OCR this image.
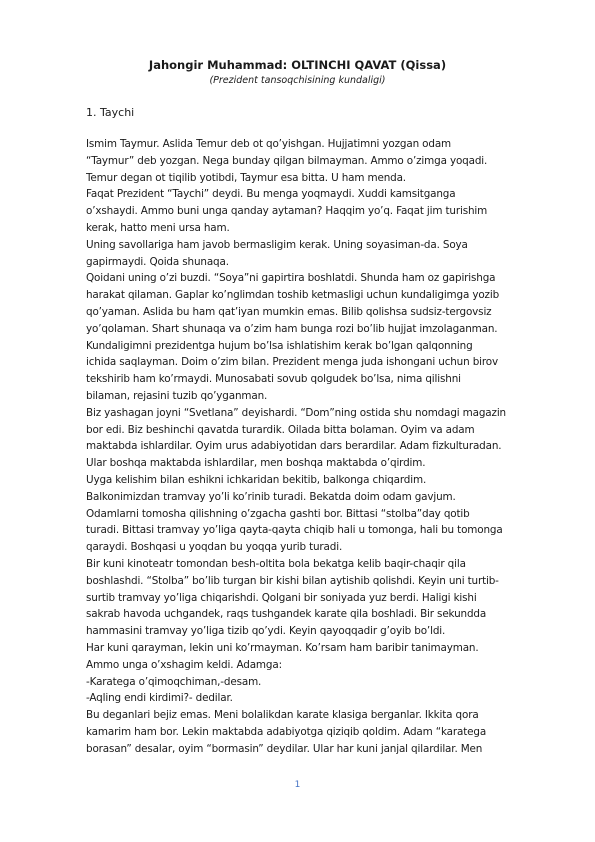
Jahongir Muhammad: OLTINCHI QAVAT (Qissa)
(Prezident tansoqchisining kundaligi)
1. Taychi
Ismim Taymur. Aslida Temur deb ot qo’yishgan. Hujjatimni yozgan odam
“Taymur” deb yozgan. Nega bunday qilgan bilmayman. Ammo o’zimga yoqadi.
Temur degan ot tiqilib yotibdi, Taymur esa bitta. U ham menda.
Faqat Prezident “Taychi” deydi. Bu menga yoqmaydi. Xuddi kamsitganga
o’xshaydi. Ammo buni unga qanday aytaman? Haqqim yo’q. Faqat jim turishim
kerak, hatto meni ursa ham.
Uning savollariga ham javob bermasligim kerak. Uning soyasiman-da. Soya
gapirmaydi. Qoida shunaqa.
Qoidani uning o’zi buzdi. “Soya”ni gapirtira boshlatdi. Shunda ham oz gapirishga
harakat qilaman. Gaplar ko’nglimdan toshib ketmasligi uchun kundaligimga yozib
qo’yaman. Aslida bu ham qat’iyan mumkin emas. Bilib qolishsa sudsiz-tergovsiz
yo’qolaman. Shart shunaqa va o’zim ham bunga rozi bo’lib hujjat imzolaganman.
Kundaligimni prezidentga hujum bo’lsa ishlatishim kerak bo’lgan qalqonning
ichida saqlayman. Doim o’zim bilan. Prezident menga juda ishongani uchun birov
tekshirib ham ko’rmaydi. Munosabati sovub qolgudek bo’lsa, nima qilishni
bilaman, rejasini tuzib qo’yganman.
Biz yashagan joyni “Svetlana” deyishardi. “Dom”ning ostida shu nomdagi magazin
bor edi. Biz beshinchi qavatda turardik. Oilada bitta bolaman. Oyim va adam
maktabda ishlardilar. Oyim urus adabiyotidan dars berardilar. Adam fizkulturadan.
Ular boshqa maktabda ishlardilar, men boshqa maktabda o’qirdim.
Uyga kelishim bilan eshikni ichkaridan bekitib, balkonga chiqardim.
Balkonimizdan tramvay yo’li ko’rinib turadi. Bekatda doim odam gavjum.
Odamlarni tomosha qilishning o’zgacha gashti bor. Bittasi “stolba”day qotib
turadi. Bittasi tramvay yo’liga qayta-qayta chiqib hali u tomonga, hali bu tomonga
qaraydi. Boshqasi u yoqdan bu yoqqa yurib turadi.
Bir kuni kinoteatr tomondan besh-oltita bola bekatga kelib baqir-chaqir qila
boshlashdi. “Stolba” bo’lib turgan bir kishi bilan aytishib qolishdi. Keyin uni turtib-
surtib tramvay yo’liga chiqarishdi. Qolgani bir soniyada yuz berdi. Haligi kishi
sakrab havoda uchgandek, raqs tushgandek karate qila boshladi. Bir sekundda
hammasini tramvay yo’liga tizib qo’ydi. Keyin qayoqqadir g’oyib bo’ldi.
Har kuni qarayman, lekin uni ko’rmayman. Ko’rsam ham baribir tanimayman.
Ammo unga o’xshagim keldi. Adamga:
-Karatega o’qimoqchiman,-desam.
-Aqling endi kirdimi?- dedilar.
Bu deganlari bejiz emas. Meni bolalikdan karate klasiga berganlar. Ikkita qora
kamarim ham bor. Lekin maktabda adabiyotga qiziqib qoldim. Adam “karatega
borasan” desalar, oyim “bormasin” deydilar. Ular har kuni janjal qilardilar. Men
1
